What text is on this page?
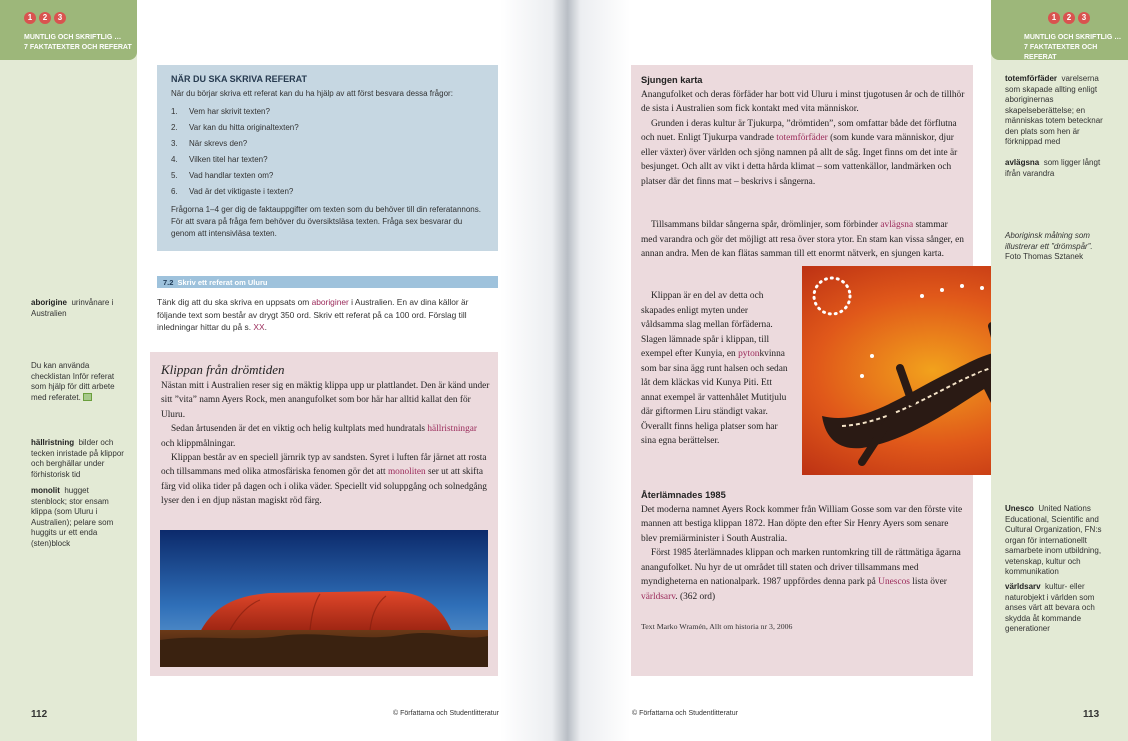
1	2	3
MUNTLIG OCH SKRIFTLIG …
7 FAKTATEXTER OCH REFERAT
aborigine urinvånare i Australien
Du kan använda checklistan Inför referat som hjälp för ditt arbete med referatet.
hällristning bilder och tecken inristade på klippor och berghällar under förhistorisk tid
monolit hugget stenblock; stor ensam klippa (som Uluru i Australien); pelare som huggits ur ett enda (sten)block
112	© Författarna och Studentlitteratur	© Författarna och Studentlitteratur
NÄR DU SKA SKRIVA REFERAT
När du börjar skriva ett referat kan du ha hjälp av att först besvara dessa frågor:
1.	Vem har skrivit texten?
2.	Var kan du hitta originaltexten?
3.	När skrevs den?
4.	Vilken titel har texten?
5.	Vad handlar texten om?
6.	Vad är det viktigaste i texten?
Frågorna 1–4 ger dig de faktauppgifter om texten som du behöver till din referatannons. För att svara på fråga fem behöver du översiktsläsa texten. Fråga sex besvarar du genom att intensivläsa texten.
7.2 Skriv ett referat om Uluru
Tänk dig att du ska skriva en uppsats om aboriginer i Australien. En av dina källor är följande text som består av drygt 350 ord. Skriv ett referat på ca 100 ord. Förslag till inledningar hittar du på s. XX.
Klippan från drömtiden

Nästan mitt i Australien reser sig en mäktig klippa upp ur plattlandet. Den är känd under sitt ”vita” namn Ayers Rock, men anangufolket som bor här har alltid kallat den för Uluru.

Sedan årtusenden är det en viktig och helig kultplats med hundratals hällristningar och klippmålningar.

Klippan består av en speciell järnrik typ av sandsten. Syret i luften får järnet att rosta och tillsammans med olika atmosfäriska fenomen gör det att monoliten ser ut att skifta färg vid olika tider på dagen och i olika väder. Speciellt vid soluppgång och solnedgång lyser den i en djup nästan magiskt röd färg.

Sjungen karta

Anangufolket och deras förfäder har bott vid Uluru i minst tjugotusen år och de tillhör de sista i Australien som fick kontakt med vita människor.

Grunden i deras kultur är Tjukurpa, ”drömtiden”, som omfattar både det förflutna och nuet. Enligt Tjukurpa vandrade totemförfäder (som kunde vara människor, djur eller växter) över världen och sjöng namnen på allt de såg. Inget finns om det inte är besjunget. Och allt av vikt i detta hårda klimat – som vattenkällor, landmärken och platser där det finns mat – beskrivs i sångerna.

Tillsammans bildar sångerna spår, drömlinjer, som förbinder avlägsna stammar med varandra och gör det möjligt att resa över stora ytor. En stam kan vissa sånger, en annan andra. Men de kan flätas samman till ett enormt nätverk, en sjungen karta.

Klippan är en del av detta och skapades enligt myten under våldsamma slag mellan förfäderna. Slagen lämnade spår i klippan, till exempel efter Kunyia, en pytonkvinna som bar sina ägg runt halsen och sedan låt dem kläckas vid Kunya Piti. Ett annat exempel är vattenhålet Mutitjulu där giftormen Liru ständigt vakar. Överallt finns heliga platser som har sina egna berättelser.

Återlämnades 1985

Det moderna namnet Ayers Rock kommer från William Gosse som var den förste vite mannen att bestiga klippan 1872. Han döpte den efter Sir Henry Ayers som senare blev premiärminister i South Australia.

Först 1985 återlämnades klippan och marken runtomkring till de rättmätiga ägarna anangufolket. Nu hyr de ut området till staten och driver tillsammans med myndigheterna en nationalpark. 1987 uppfördes denna park på Unescos lista över världsarv. (362 ord)

Text Marko Wramén, Allt om historia nr 3, 2006
1	2	3
MUNTLIG OCH SKRIFTLIG …
7 FAKTATEXTER OCH REFERAT
totemförfäder varelserna som skapade allting enligt aboriginernas skapelseberättelse; en människas totem betecknar den plats som hen är förknippad med
avlägsna som ligger långt ifrån varandra
Aboriginsk målning som illustrerar ett ”drömspår”.
Foto Thomas Sztanek
Unesco United Nations Educational, Scientific and Cultural Organization, FN:s organ för internationellt samarbete inom utbildning, vetenskap, kultur och kommunikation
världsarv kultur- eller naturobjekt i världen som anses värt att bevara och skydda åt kommande generationer
113
